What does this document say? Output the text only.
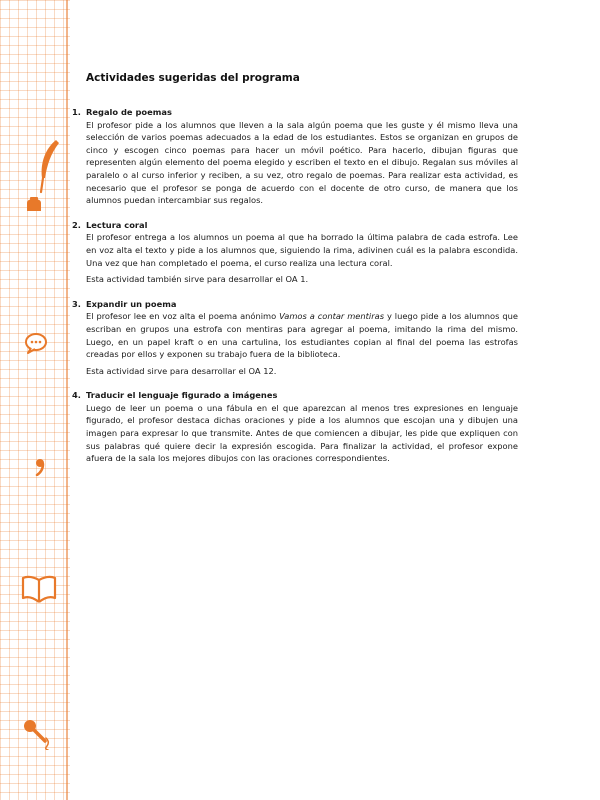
Actividades sugeridas del programa
1. Regalo de poemas

El profesor pide a los alumnos que lleven a la sala algún poema que les guste y él mismo lleva una selección de varios poemas adecuados a la edad de los estudiantes. Estos se organizan en grupos de cinco y escogen cinco poemas para hacer un móvil poético. Para hacerlo, dibujan figuras que representen algún elemento del poema elegido y escriben el texto en el dibujo. Regalan sus móviles al paralelo o al curso inferior y reciben, a su vez, otro regalo de poemas. Para realizar esta actividad, es necesario que el profesor se ponga de acuerdo con el docente de otro curso, de manera que los alumnos puedan intercambiar sus regalos.

2. Lectura coral

El profesor entrega a los alumnos un poema al que ha borrado la última palabra de cada estrofa. Lee en voz alta el texto y pide a los alumnos que, siguiendo la rima, adivinen cuál es la palabra escondida. Una vez que han completado el poema, el curso realiza una lectura coral.

Esta actividad también sirve para desarrollar el OA 1.

3. Expandir un poema

El profesor lee en voz alta el poema anónimo Vamos a contar mentiras y luego pide a los alumnos que escriban en grupos una estrofa con mentiras para agregar al poema, imitando la rima del mismo. Luego, en un papel kraft o en una cartulina, los estudiantes copian al final del poema las estrofas creadas por ellos y exponen su trabajo fuera de la biblioteca.

Esta actividad sirve para desarrollar el OA 12.

4. Traducir el lenguaje figurado a imágenes

Luego de leer un poema o una fábula en el que aparezcan al menos tres expresiones en lenguaje figurado, el profesor destaca dichas oraciones y pide a los alumnos que escojan una y dibujen una imagen para expresar lo que transmite. Antes de que comiencen a dibujar, les pide que expliquen con sus palabras qué quiere decir la expresión escogida. Para finalizar la actividad, el profesor expone afuera de la sala los mejores dibujos con las oraciones correspondientes.
